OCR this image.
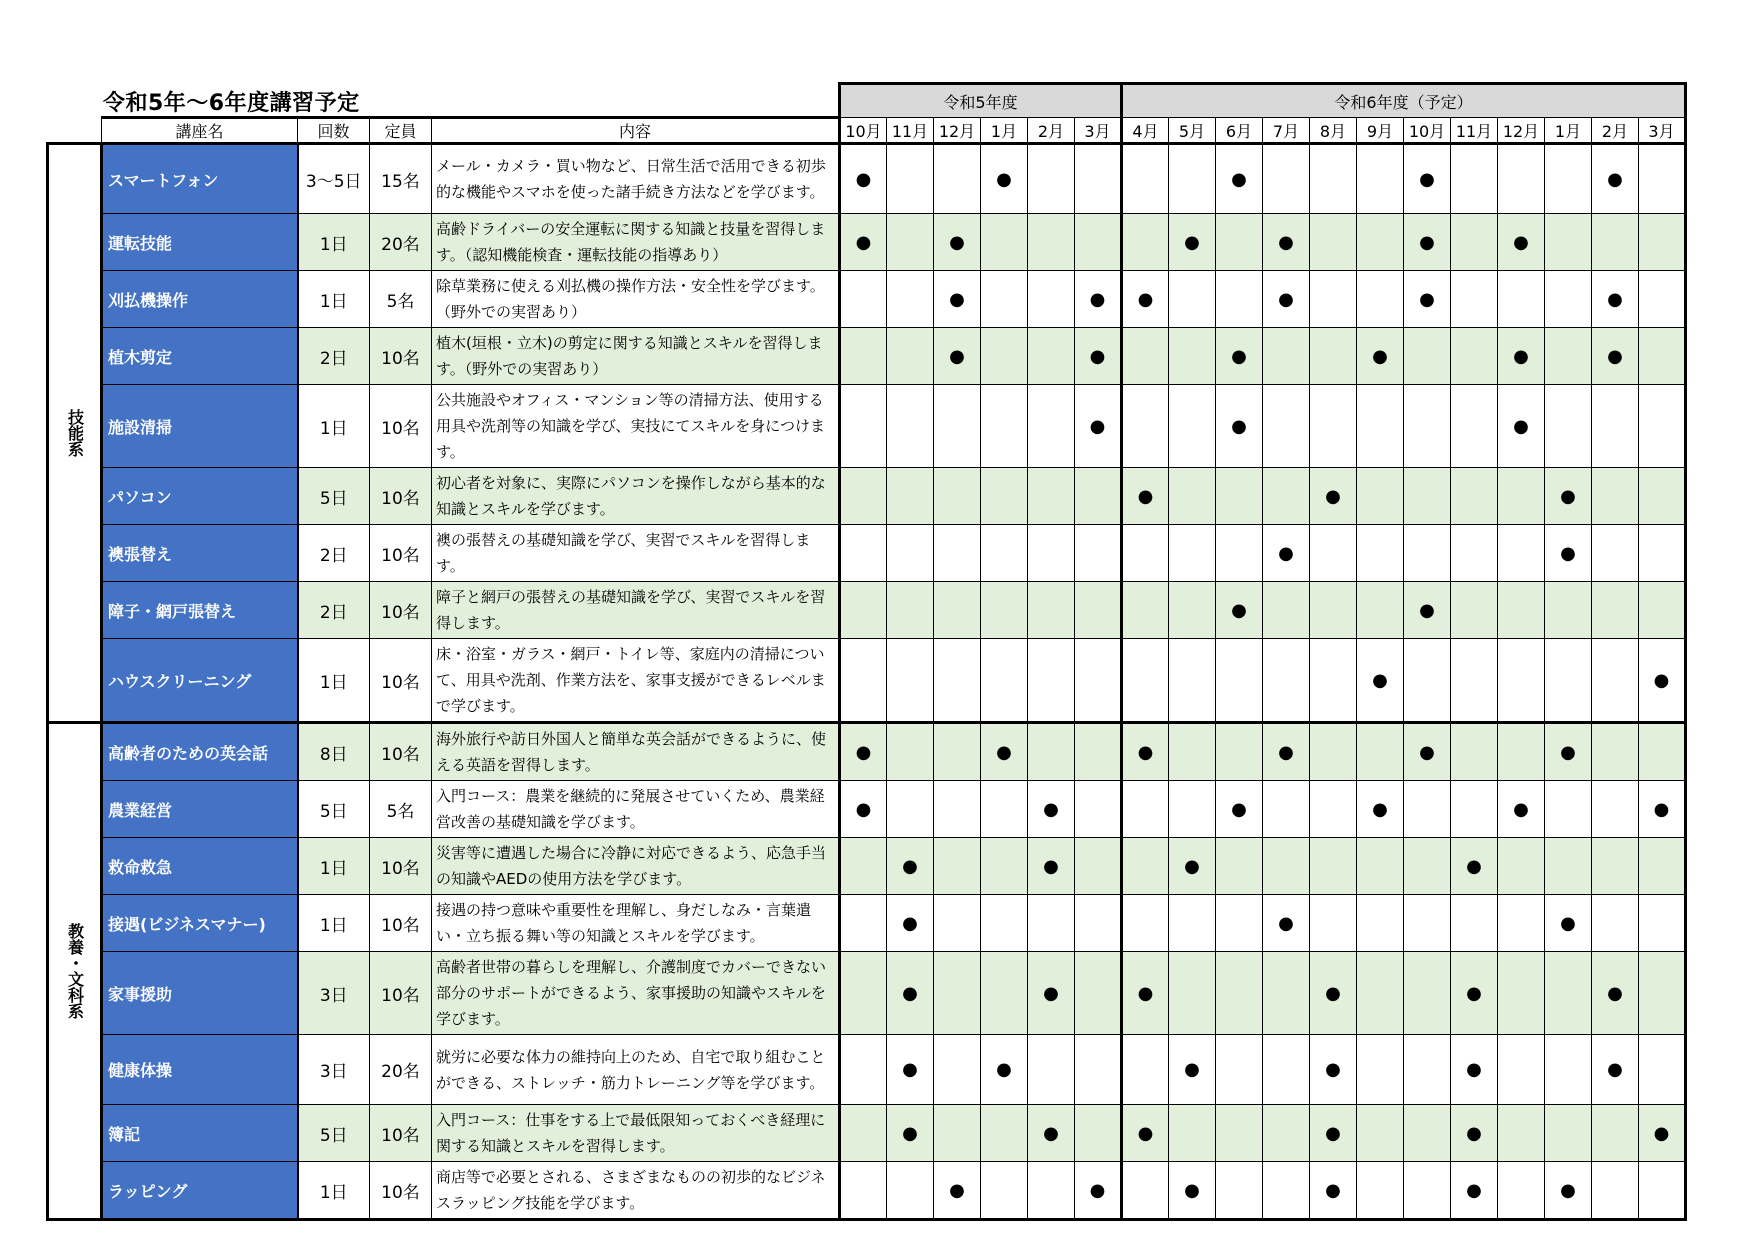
令和5年～6年度講習予定
					令和5年度						令和6年度（予定）											
	講座名	回数	定員	内容	10月	11月	12月	1月	2月	3月	4月	5月	6月	7月	8月	9月	10月	11月	12月	1月	2月	3月
技能系	スマートフォン	3～5日	15名	メール・カメラ・買い物など、日常生活で活用できる初歩的な機能やスマホを使った諸手続き方法などを学びます。	●			●					●				●				●	
	運転技能	1日	20名	高齢ドライバーの安全運転に関する知識と技量を習得します。（認知機能検査・運転技能の指導あり）	●		●					●		●			●		●			
	刈払機操作	1日	5名	除草業務に使える刈払機の操作方法・安全性を学びます。（野外での実習あり）			●			●	●			●			●				●	
	植木剪定	2日	10名	植木(垣根・立木)の剪定に関する知識とスキルを習得します。（野外での実習あり）			●			●			●			●			●		●	
	施設清掃	1日	10名	公共施設やオフィス・マンション等の清掃方法、使用する用具や洗剤等の知識を学び、実技にてスキルを身につけます。						●			●						●			
	パソコン	5日	10名	初心者を対象に、実際にパソコンを操作しながら基本的な知識とスキルを学びます。							●				●					●		
	襖張替え	2日	10名	襖の張替えの基礎知識を学び、実習でスキルを習得します。										●						●		
	障子・網戸張替え	2日	10名	障子と網戸の張替えの基礎知識を学び、実習でスキルを習得します。									●				●					
	ハウスクリーニング	1日	10名	床・浴室・ガラス・網戸・トイレ等、家庭内の清掃について、用具や洗剤、作業方法を、家事支援ができるレベルまで学びます。												●						●
教養・文科系	高齢者のための英会話	8日	10名	海外旅行や訪日外国人と簡単な英会話ができるように、使える英語を習得します。	●			●			●			●			●			●		
	農業経営	5日	5名	入門コース：農業を継続的に発展させていくため、農業経営改善の基礎知識を学びます。	●				●				●			●			●			●
	救命救急	1日	10名	災害等に遭遇した場合に冷静に対応できるよう、応急手当の知識やAEDの使用方法を学びます。		●			●			●						●				
	接遇(ビジネスマナー)	1日	10名	接遇の持つ意味や重要性を理解し、身だしなみ・言葉遣い・立ち振る舞い等の知識とスキルを学びます。		●								●						●		
	家事援助	3日	10名	高齢者世帯の暮らしを理解し、介護制度でカバーできない部分のサポートができるよう、家事援助の知識やスキルを学びます。		●			●		●				●			●			●	
	健康体操	3日	20名	就労に必要な体力の維持向上のため、自宅で取り組むことができる、ストレッチ・筋力トレーニング等を学びます。		●		●				●			●			●			●	
	簿記	5日	10名	入門コース：仕事をする上で最低限知っておくべき経理に関する知識とスキルを習得します。		●			●		●				●			●				●
	ラッピング	1日	10名	商店等で必要とされる、さまざまなものの初歩的なビジネスラッピング技能を学びます。			●			●		●			●			●		●		
